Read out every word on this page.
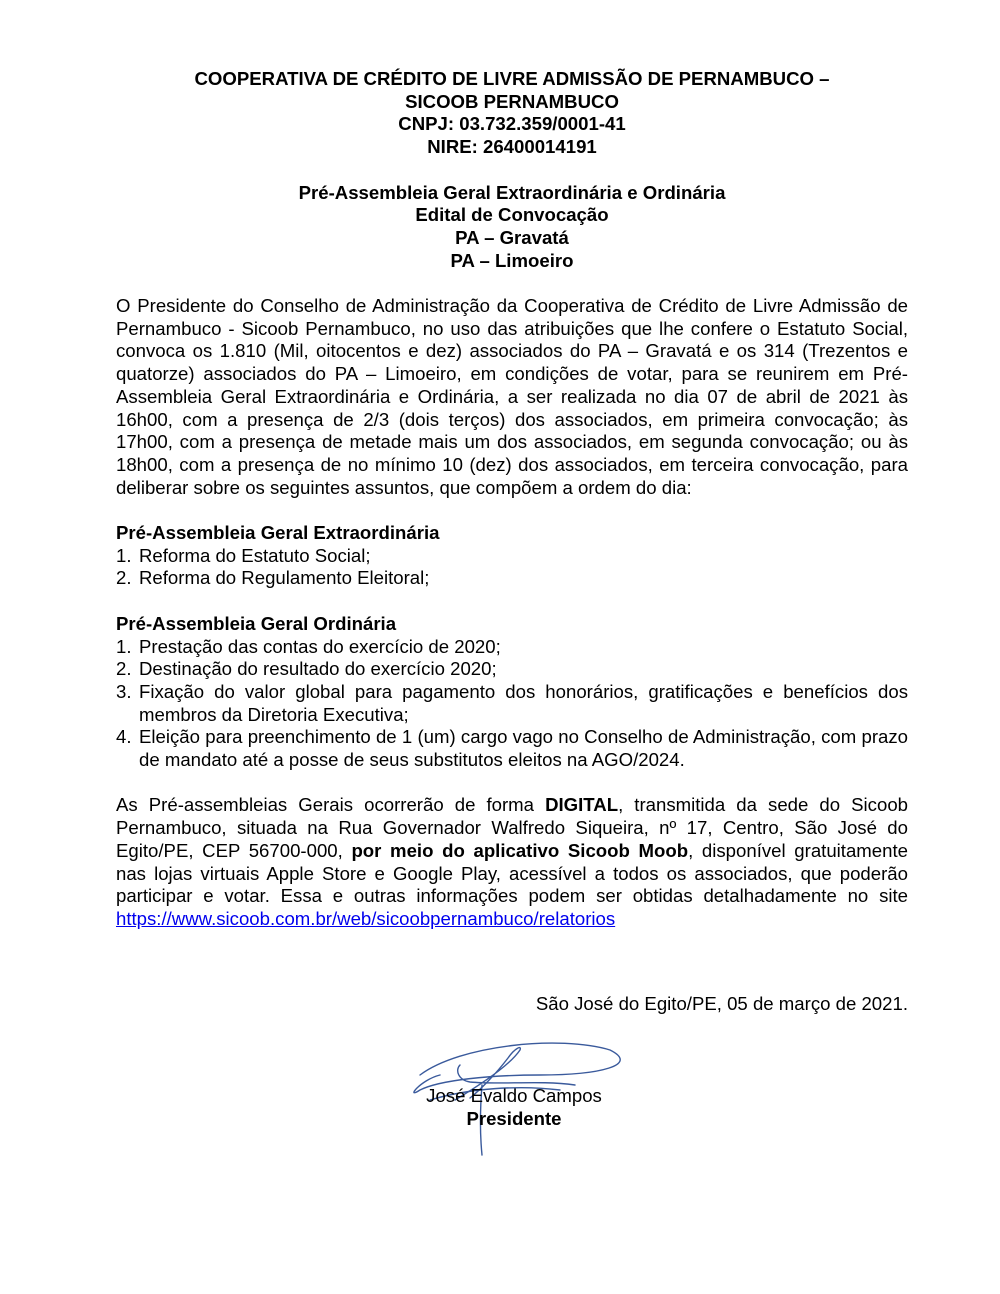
COOPERATIVA DE CRÉDITO DE LIVRE ADMISSÃO DE PERNAMBUCO –
SICOOB PERNAMBUCO
CNPJ: 03.732.359/0001-41
NIRE: 26400014191
Pré-Assembleia Geral Extraordinária e Ordinária
Edital de Convocação
PA – Gravatá
PA – Limoeiro
O Presidente do Conselho de Administração da Cooperativa de Crédito de Livre Admissão de Pernambuco - Sicoob Pernambuco, no uso das atribuições que lhe confere o Estatuto Social, convoca os 1.810 (Mil, oitocentos e dez) associados do PA – Gravatá e os 314 (Trezentos e quatorze) associados do PA – Limoeiro, em condições de votar, para se reunirem em Pré-Assembleia Geral Extraordinária e Ordinária, a ser realizada no dia 07 de abril de 2021 às 16h00, com a presença de 2/3 (dois terços) dos associados, em primeira convocação; às 17h00, com a presença de metade mais um dos associados, em segunda convocação; ou às 18h00, com a presença de no mínimo 10 (dez) dos associados, em terceira convocação, para deliberar sobre os seguintes assuntos, que compõem a ordem do dia:
Pré-Assembleia Geral Extraordinária
1. Reforma do Estatuto Social;
2. Reforma do Regulamento Eleitoral;
Pré-Assembleia Geral Ordinária
1. Prestação das contas do exercício de 2020;
2. Destinação do resultado do exercício 2020;
3. Fixação do valor global para pagamento dos honorários, gratificações e benefícios dos membros da Diretoria Executiva;
4. Eleição para preenchimento de 1 (um) cargo vago no Conselho de Administração, com prazo de mandato até a posse de seus substitutos eleitos na AGO/2024.
As Pré-assembleias Gerais ocorrerão de forma DIGITAL, transmitida da sede do Sicoob Pernambuco, situada na Rua Governador Walfredo Siqueira, nº 17, Centro, São José do Egito/PE, CEP 56700-000, por meio do aplicativo Sicoob Moob, disponível gratuitamente nas lojas virtuais Apple Store e Google Play, acessível a todos os associados, que poderão participar e votar. Essa e outras informações podem ser obtidas detalhadamente no site https://www.sicoob.com.br/web/sicoobpernambuco/relatorios
São José do Egito/PE, 05 de março de 2021.
José Evaldo Campos
Presidente
